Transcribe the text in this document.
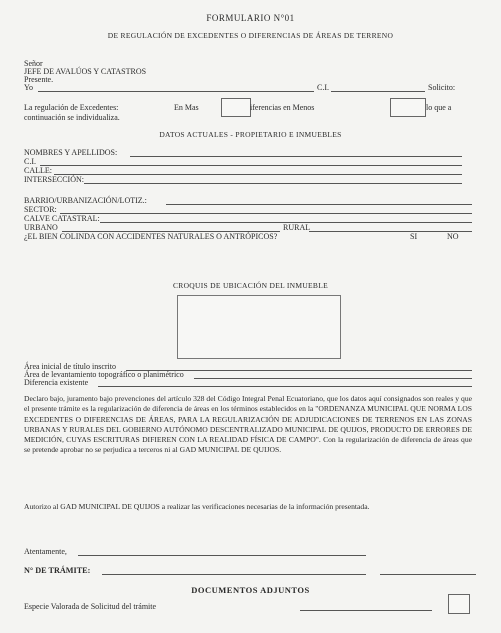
FORMULARIO N°01
DE REGULACIÓN DE EXCEDENTES O DIFERENCIAS DE ÁREAS DE TERRENO
Señor
JEFE DE AVALÚOS Y CATASTROS
Presente.
Yo	C.I.	Solicito:
La regulación de Excedentes:	En Mas	iferencias en Menos	lo que a
continuación se individualiza.
DATOS ACTUALES - PROPIETARIO E INMUEBLES
NOMBRES Y APELLIDOS:
C.I.
CALLE:
INTERSECCIÓN:
BARRIO/URBANIZACIÓN/LOTIZ.:
SECTOR:
CALVE CATASTRAL:
URBANO	RURAL
¿EL BIEN COLINDA CON ACCIDENTES NATURALES O ANTRÓPICOS?	SI	NO
CROQUIS DE UBICACIÓN DEL INMUEBLE
Área inicial de título inscrito
Área de levantamiento topográfico o planimétrico
Diferencia existente
Declaro bajo, juramento bajo prevenciones del artículo 328 del Código Integral Penal Ecuatoriano, que los datos aquí consignados son reales y que el presente trámite es la regularización de diferencia de áreas en los términos establecidos en la "ORDENANZA MUNICIPAL QUE NORMA LOS EXCEDENTES O DIFERENCIAS DE ÁREAS, PARA LA REGULARIZACIÓN DE ADJUDICACIONES DE TERRENOS EN LAS ZONAS URBANAS Y RURALES DEL GOBIERNO AUTÓNOMO DESCENTRALIZADO MUNICIPAL DE QUIJOS, PRODUCTO DE ERRORES DE MEDICIÓN, CUYAS ESCRITURAS DIFIEREN CON LA REALIDAD FÍSICA DE CAMPO". Con la regularización de diferencia de áreas que se pretende aprobar no se perjudica a terceros ni al GAD MUNICIPAL DE QUIJOS.
Autorizo al GAD MUNICIPAL DE QUIJOS a realizar las verificaciones necesarias de la información presentada.
Atentamente,
N° DE TRÁMITE:
DOCUMENTOS ADJUNTOS
Especie Valorada de Solicitud del trámite
